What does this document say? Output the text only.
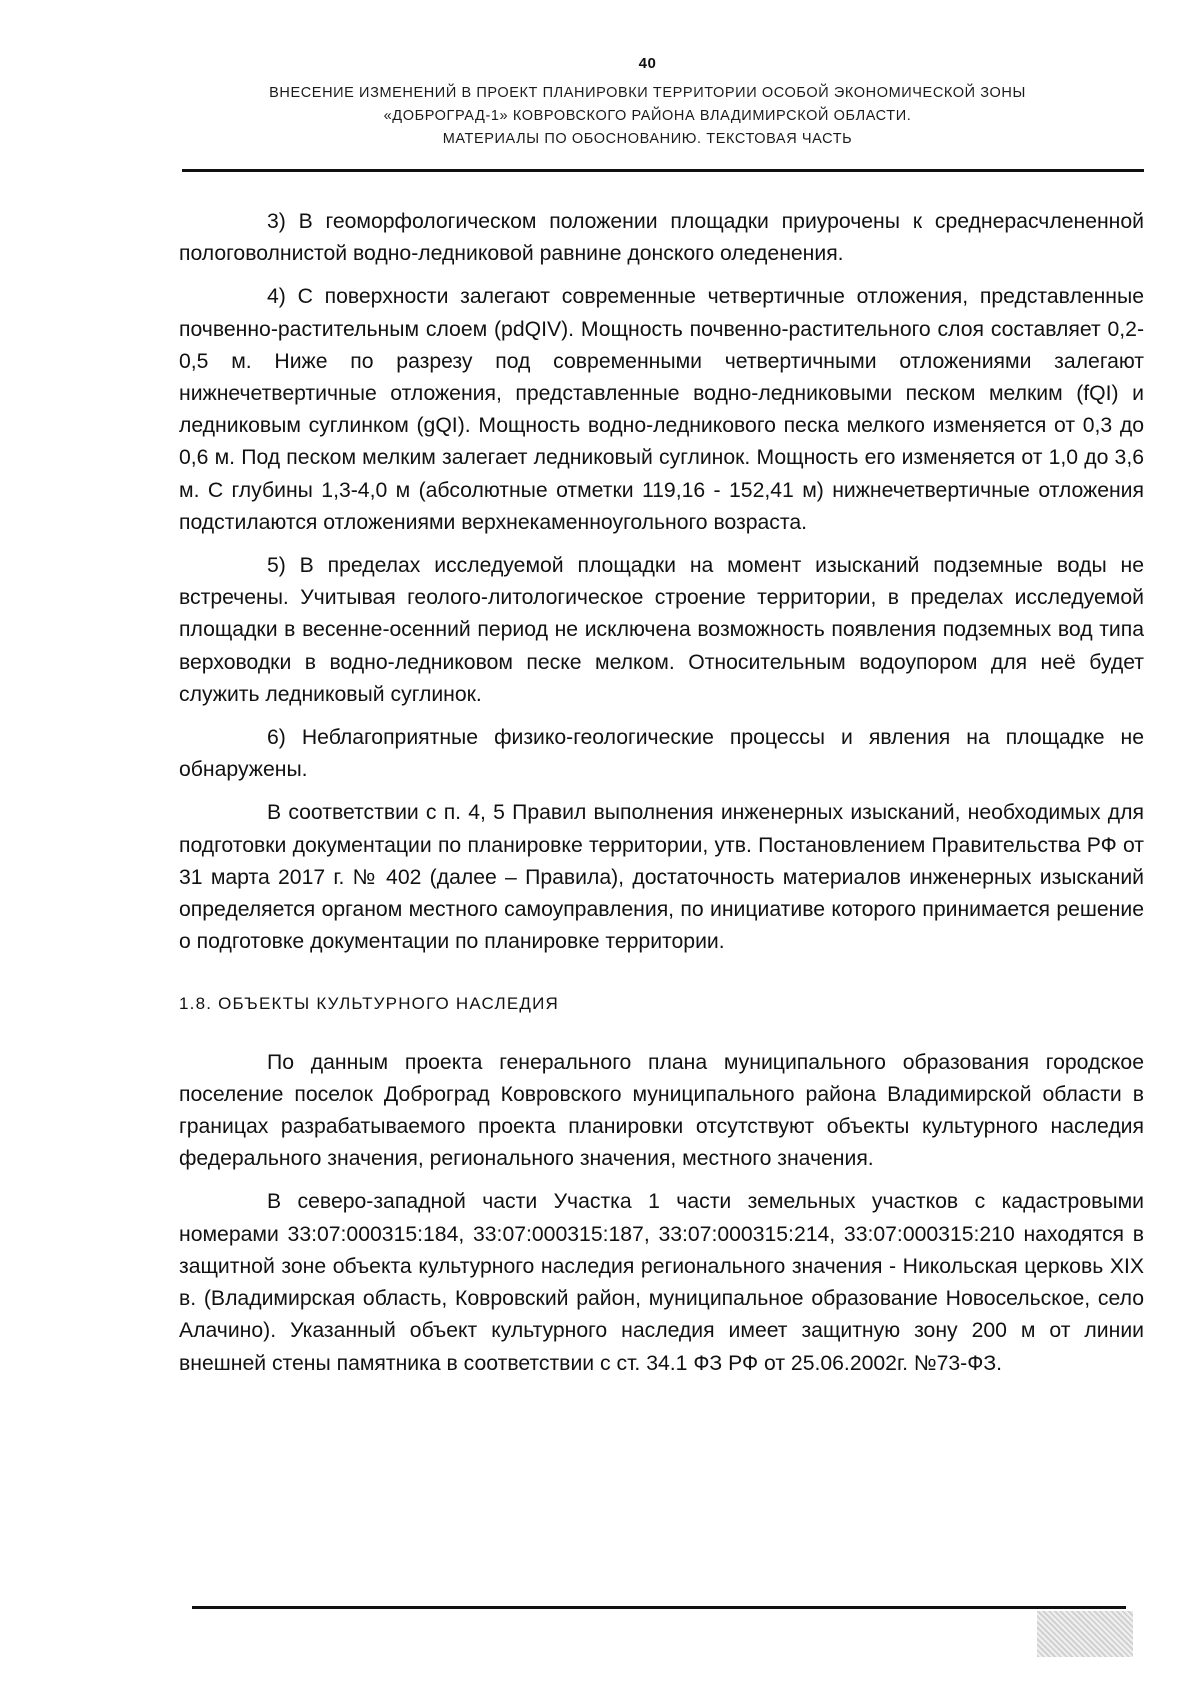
40
ВНЕСЕНИЕ ИЗМЕНЕНИЙ В ПРОЕКТ ПЛАНИРОВКИ ТЕРРИТОРИИ ОСОБОЙ ЭКОНОМИЧЕСКОЙ ЗОНЫ
«ДОБРОГРАД-1» КОВРОВСКОГО РАЙОНА ВЛАДИМИРСКОЙ ОБЛАСТИ.
МАТЕРИАЛЫ ПО ОБОСНОВАНИЮ. ТЕКСТОВАЯ ЧАСТЬ

3) В геоморфологическом положении площадки приурочены к среднерасчлененной пологоволнистой водно-ледниковой равнине донского оледенения.

4) С поверхности залегают современные четвертичные отложения, представленные почвенно-растительным слоем (pdQIV). Мощность почвенно-растительного слоя составляет 0,2-0,5 м. Ниже по разрезу под современными четвертичными отложениями залегают нижнечетвертичные отложения, представленные водно-ледниковыми песком мелким (fQI) и ледниковым суглинком (gQI). Мощность водно-ледникового песка мелкого изменяется от 0,3 до 0,6 м. Под песком мелким залегает ледниковый суглинок. Мощность его изменяется от 1,0 до 3,6 м. С глубины 1,3-4,0 м (абсолютные отметки 119,16 - 152,41 м) нижнечетвертичные отложения подстилаются отложениями верхнекаменноугольного возраста.

5) В пределах исследуемой площадки на момент изысканий подземные воды не встречены. Учитывая геолого-литологическое строение территории, в пределах исследуемой площадки в весенне-осенний период не исключена возможность появления подземных вод типа верховодки в водно-ледниковом песке мелком. Относительным водоупором для неё будет служить ледниковый суглинок.

6) Неблагоприятные физико-геологические процессы и явления на площадке не обнаружены.

В соответствии с п. 4, 5 Правил выполнения инженерных изысканий, необходимых для подготовки документации по планировке территории, утв. Постановлением Правительства РФ от 31 марта 2017 г. № 402 (далее – Правила), достаточность материалов инженерных изысканий определяется органом местного самоуправления, по инициативе которого принимается решение о подготовке документации по планировке территории.

1.8. ОБЪЕКТЫ КУЛЬТУРНОГО НАСЛЕДИЯ

По данным проекта генерального плана муниципального образования городское поселение поселок Доброград Ковровского муниципального района Владимирской области в границах разрабатываемого проекта планировки отсутствуют объекты культурного наследия федерального значения, регионального значения, местного значения.

В северо-западной части Участка 1 части земельных участков с кадастровыми номерами 33:07:000315:184, 33:07:000315:187, 33:07:000315:214, 33:07:000315:210 находятся в защитной зоне объекта культурного наследия регионального значения - Никольская церковь XIX в. (Владимирская область, Ковровский район, муниципальное образование Новосельское, село Алачино). Указанный объект культурного наследия имеет защитную зону 200 м от линии внешней стены памятника в соответствии с ст. 34.1 ФЗ РФ от 25.06.2002г. №73-ФЗ.
